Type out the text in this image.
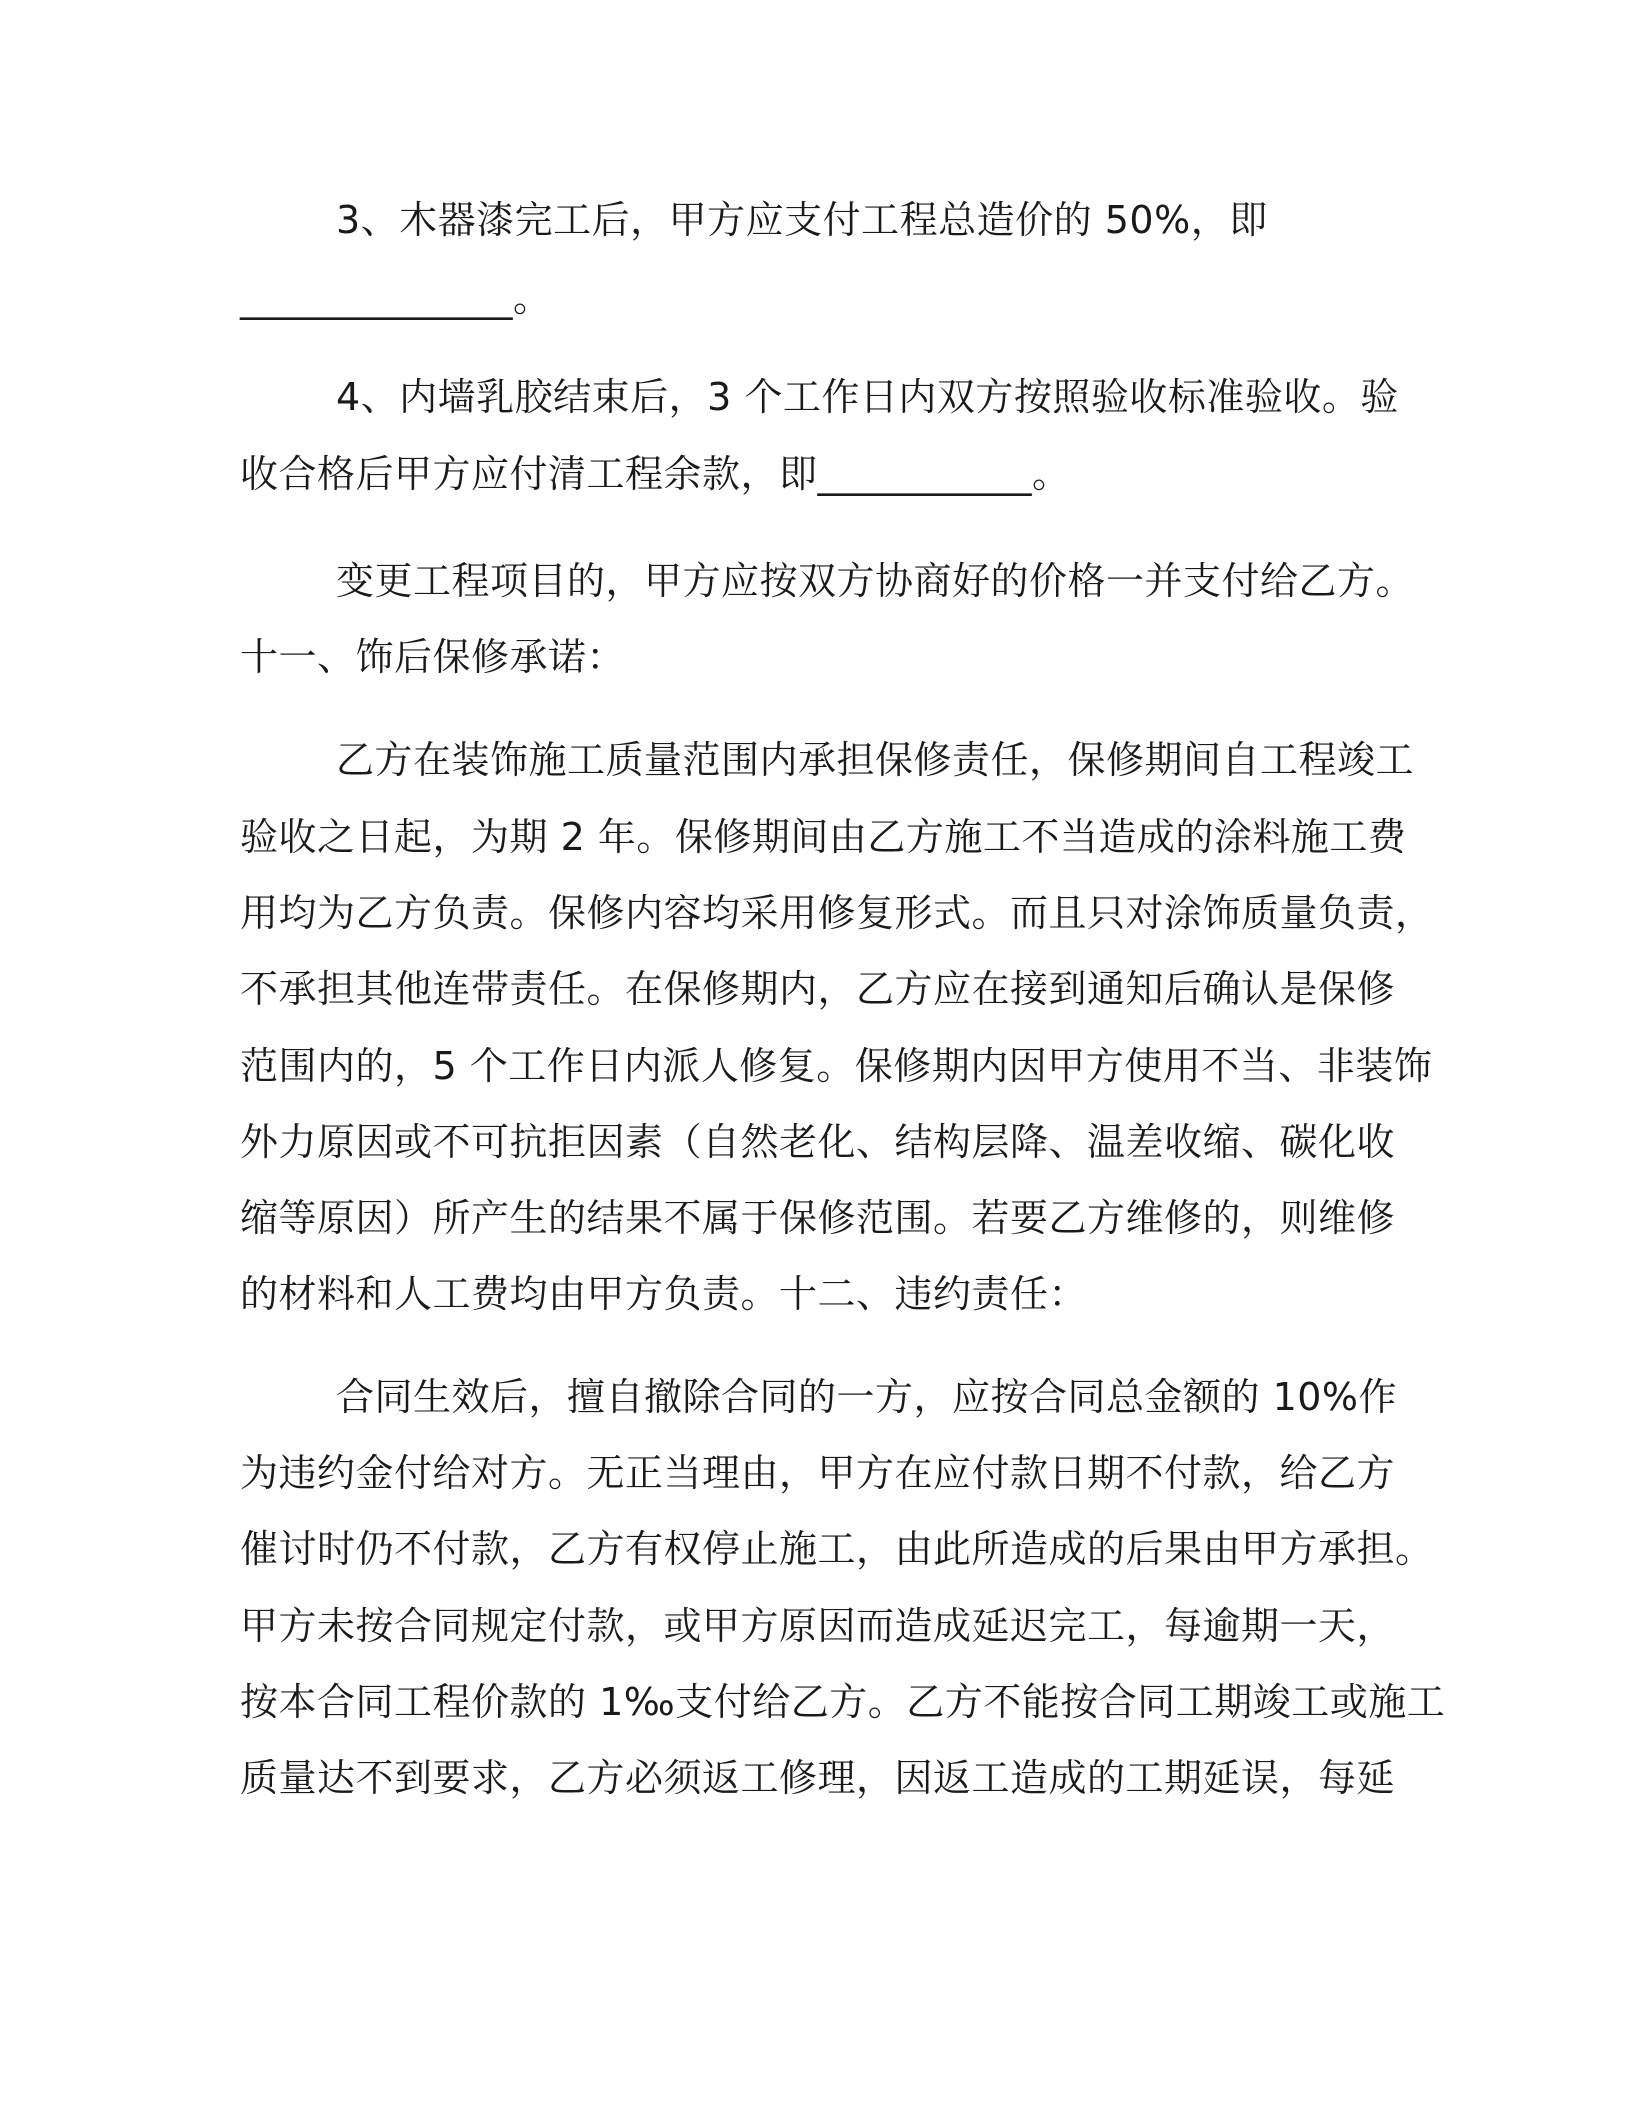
3、木器漆完工后，甲方应支付工程总造价的 50%，即
______________。
4、内墙乳胶结束后，3 个工作日内双方按照验收标准验收。验
收合格后甲方应付清工程余款，即___________。
变更工程项目的，甲方应按双方协商好的价格一并支付给乙方。
十一、饰后保修承诺：
乙方在装饰施工质量范围内承担保修责任，保修期间自工程竣工
验收之日起，为期 2 年。保修期间由乙方施工不当造成的涂料施工费
用均为乙方负责。保修内容均采用修复形式。而且只对涂饰质量负责，
不承担其他连带责任。在保修期内，乙方应在接到通知后确认是保修
范围内的，5 个工作日内派人修复。保修期内因甲方使用不当、非装饰
外力原因或不可抗拒因素（自然老化、结构层降、温差收缩、碳化收
缩等原因）所产生的结果不属于保修范围。若要乙方维修的，则维修
的材料和人工费均由甲方负责。十二、违约责任：
合同生效后，擅自撤除合同的一方，应按合同总金额的 10%作
为违约金付给对方。无正当理由，甲方在应付款日期不付款，给乙方
催讨时仍不付款，乙方有权停止施工，由此所造成的后果由甲方承担。
甲方未按合同规定付款，或甲方原因而造成延迟完工，每逾期一天，
按本合同工程价款的 1‰支付给乙方。乙方不能按合同工期竣工或施工
质量达不到要求，乙方必须返工修理，因返工造成的工期延误，每延
